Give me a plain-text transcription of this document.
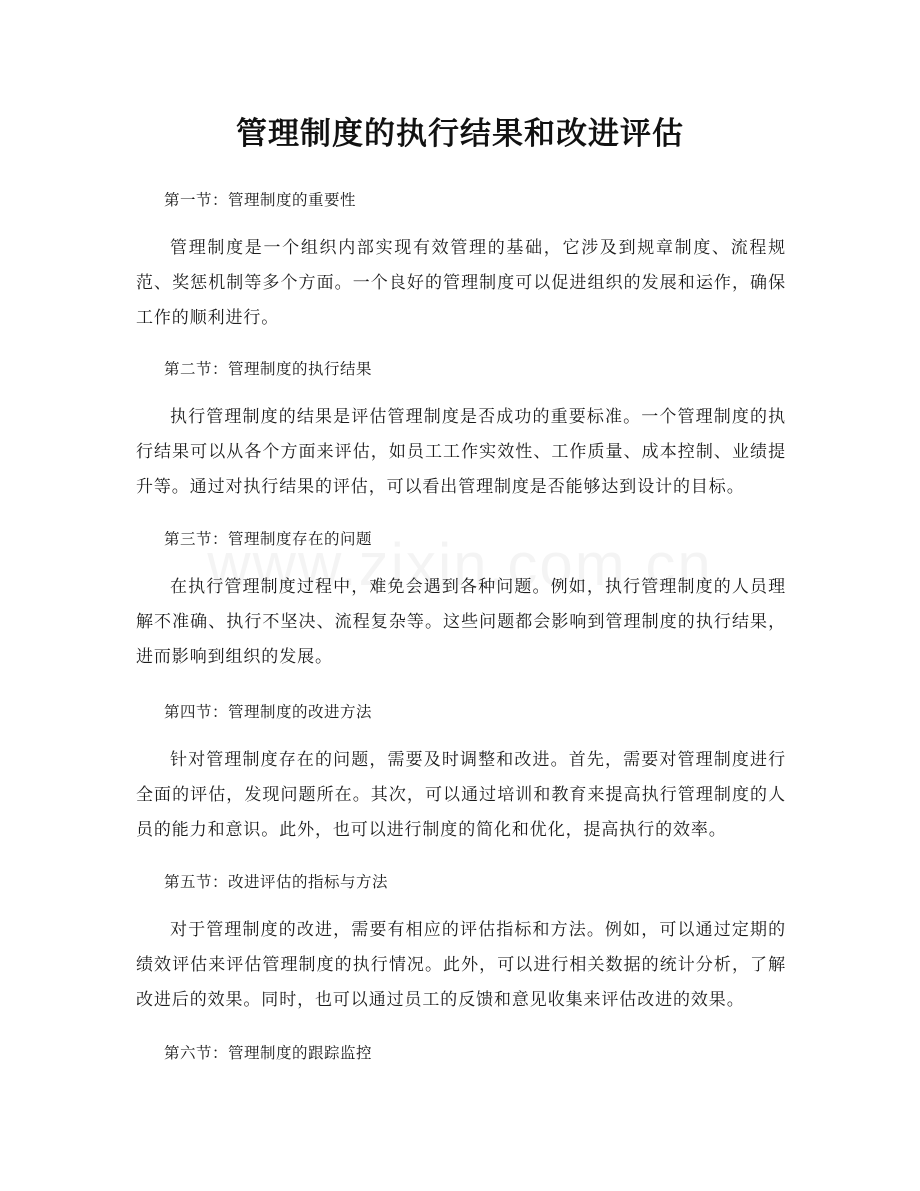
管理制度的执行结果和改进评估
第一节：管理制度的重要性

管理制度是一个组织内部实现有效管理的基础，它涉及到规章制度、流程规范、奖惩机制等多个方面。一个良好的管理制度可以促进组织的发展和运作，确保工作的顺利进行。

第二节：管理制度的执行结果

执行管理制度的结果是评估管理制度是否成功的重要标准。一个管理制度的执行结果可以从各个方面来评估，如员工工作实效性、工作质量、成本控制、业绩提升等。通过对执行结果的评估，可以看出管理制度是否能够达到设计的目标。

第三节：管理制度存在的问题

在执行管理制度过程中，难免会遇到各种问题。例如，执行管理制度的人员理解不准确、执行不坚决、流程复杂等。这些问题都会影响到管理制度的执行结果，进而影响到组织的发展。

第四节：管理制度的改进方法

针对管理制度存在的问题，需要及时调整和改进。首先，需要对管理制度进行全面的评估，发现问题所在。其次，可以通过培训和教育来提高执行管理制度的人员的能力和意识。此外，也可以进行制度的简化和优化，提高执行的效率。

第五节：改进评估的指标与方法

对于管理制度的改进，需要有相应的评估指标和方法。例如，可以通过定期的绩效评估来评估管理制度的执行情况。此外，可以进行相关数据的统计分析，了解改进后的效果。同时，也可以通过员工的反馈和意见收集来评估改进的效果。

第六节：管理制度的跟踪监控
